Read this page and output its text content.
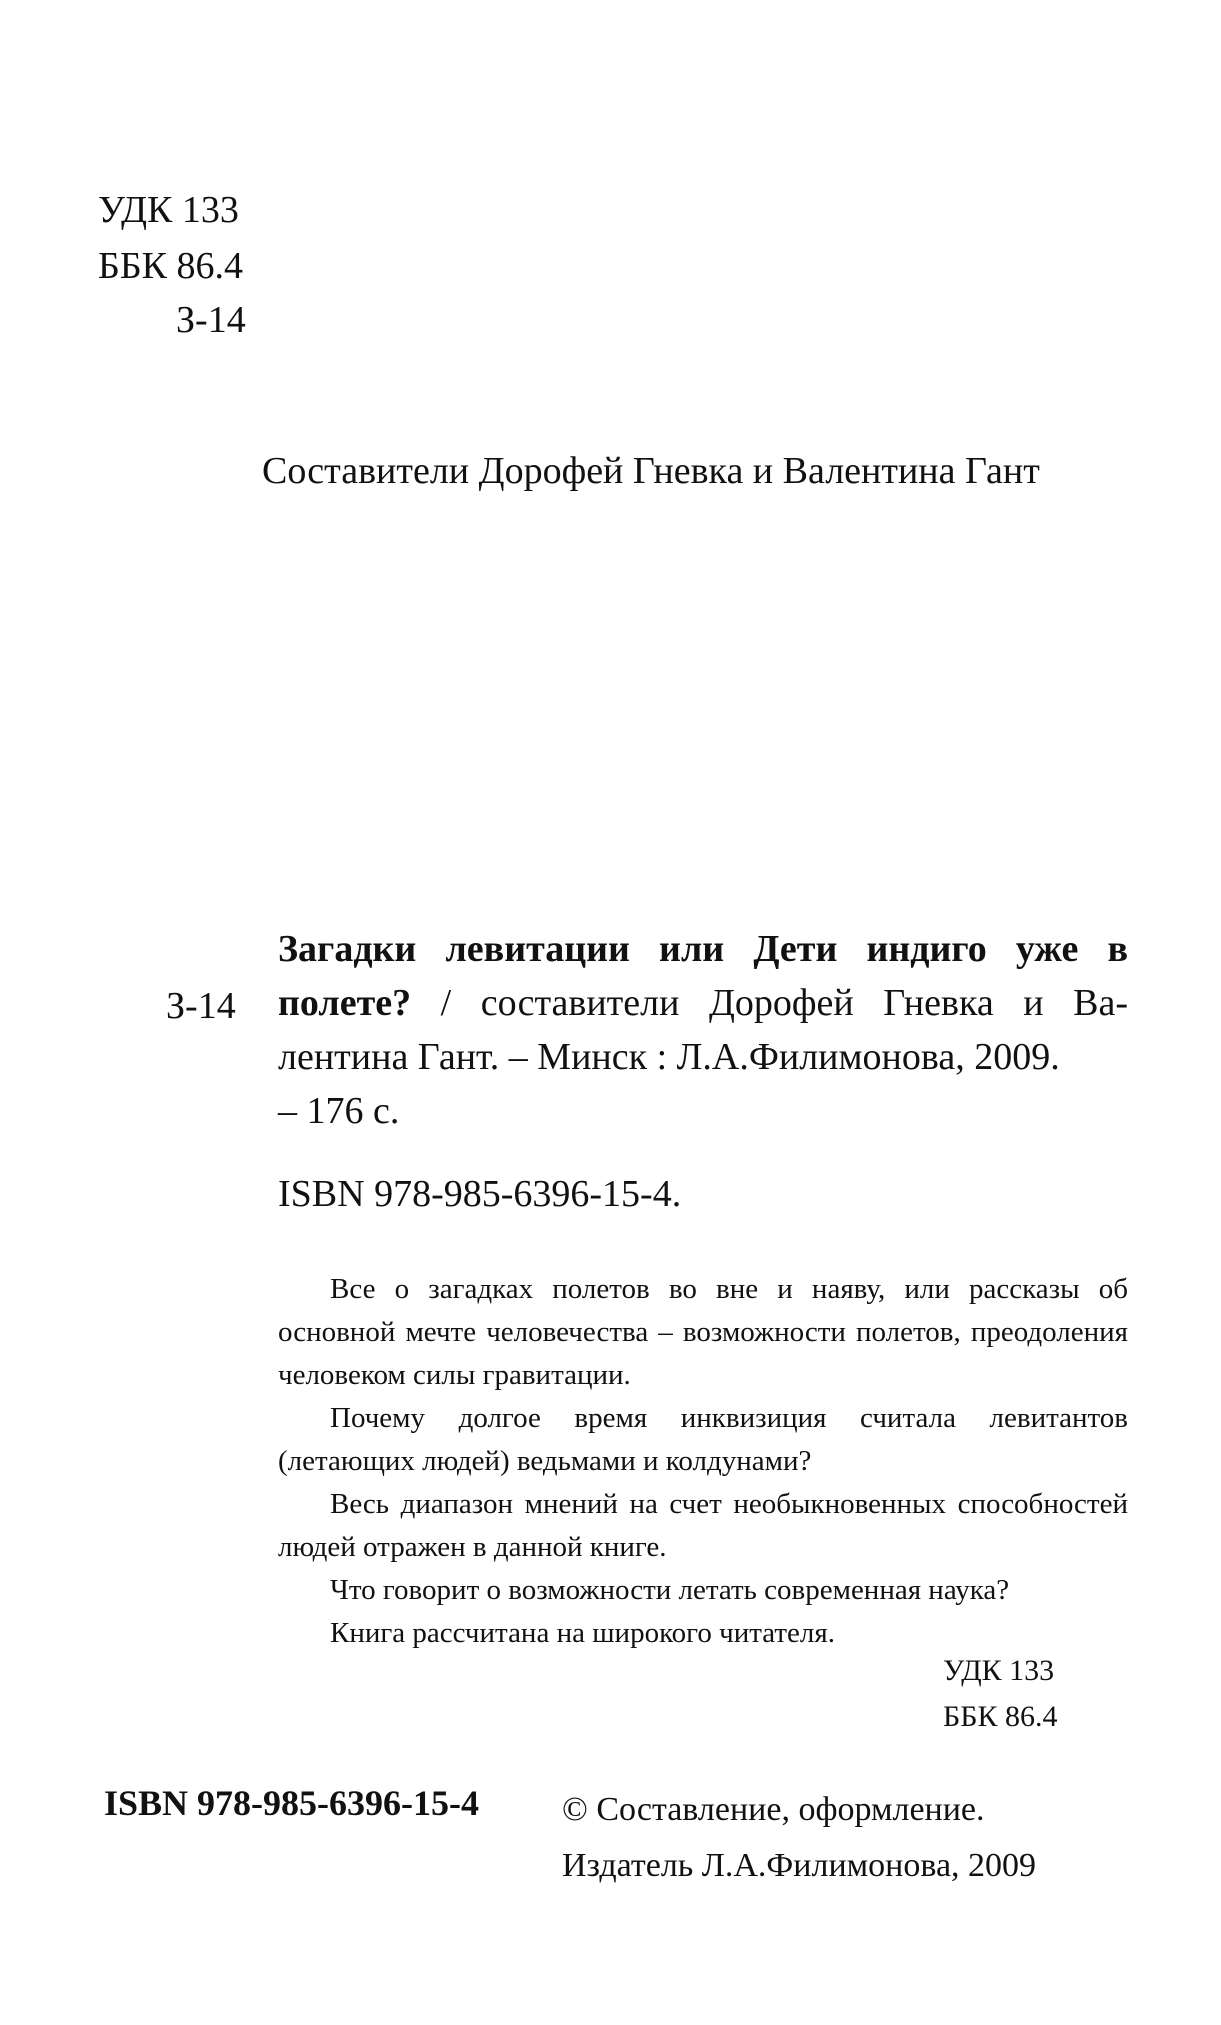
УДК 133
ББК 86.4
З-14
Составители Дорофей Гневка и Валентина Гант
З-14
Загадки левитации или Дети индиго уже в полете? / составители Дорофей Гневка и Ва- лентина Гант. – Минск : Л.А.Филимонова, 2009.
– 176 с.
ISBN 978-985-6396-15-4.

Все о загадках полетов во вне и наяву, или рассказы об основной мечте человечества – возможности полетов, преодоления человеком силы гравитации.

Почему долгое время инквизиция считала левитантов (летающих людей) ведьмами и колдунами?

Весь диапазон мнений на счет необыкновенных способностей людей отражен в данной книге.

Что говорит о возможности летать современная наука?

Книга рассчитана на широкого читателя.

УДК 133
ББК 86.4
ISBN 978-985-6396-15-4 © Составление, оформление.
Издатель Л.А.Филимонова, 2009
